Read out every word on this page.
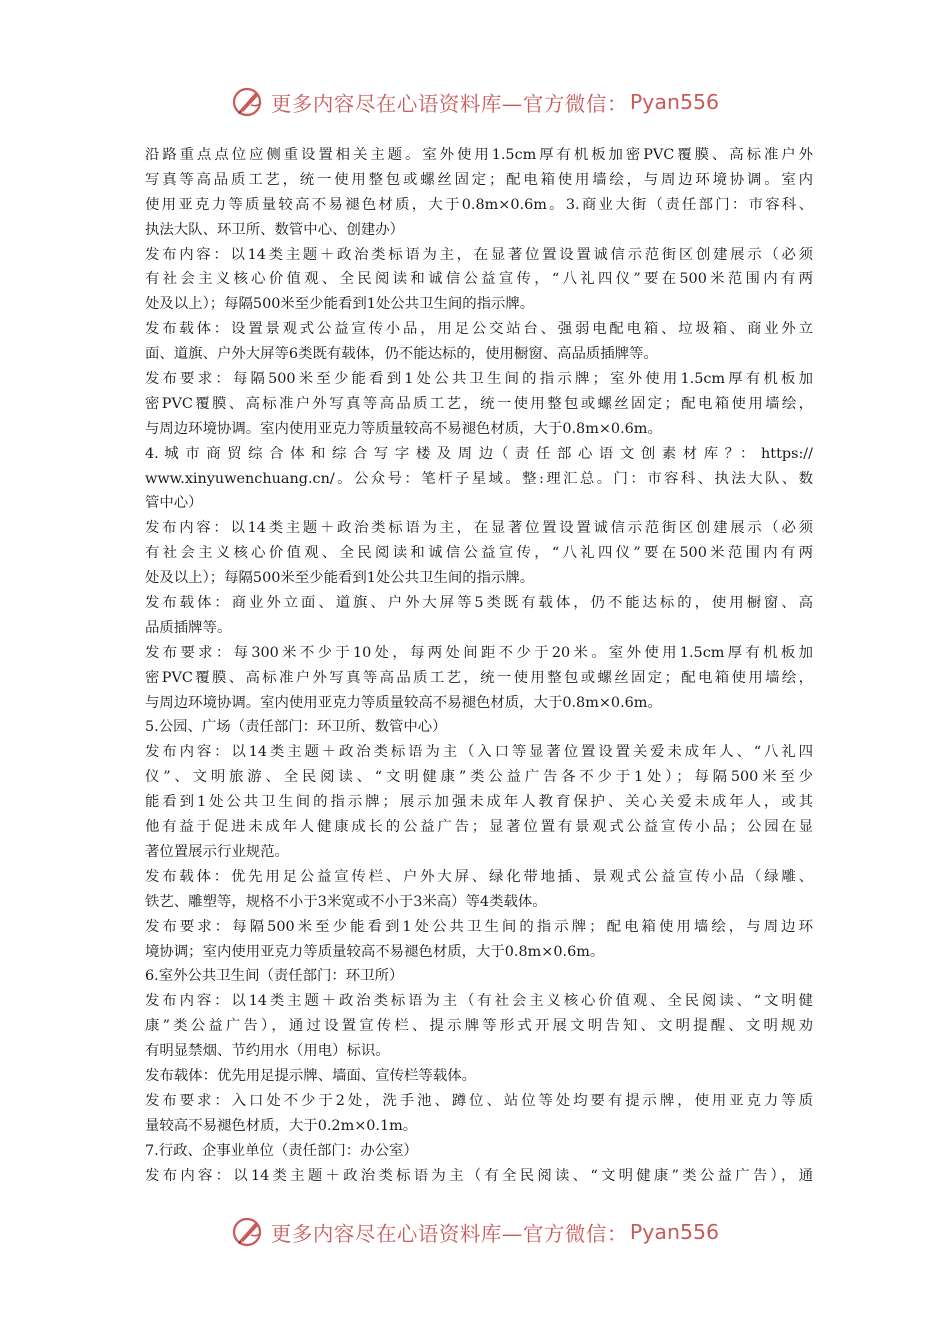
更多内容尽在心语资料库—官方微信： Pyan556
沿路重点点位应侧重设置相关主题。室外使用1.5cm厚有机板加密PVC覆膜、高标准户外
写真等高品质工艺，统一使用整包或螺丝固定；配电箱使用墙绘，与周边环境协调。室内
使用亚克力等质量较高不易褪色材质，大于0.8m×0.6m。3.商业大街（责任部门：市容科、
执法大队、环卫所、数管中心、创建办）
发布内容：以14类主题＋政治类标语为主，在显著位置设置诚信示范街区创建展示（必须
有社会主义核心价值观、全民阅读和诚信公益宣传，“八礼四仪”要在500米范围内有两
处及以上）；每隔500米至少能看到1处公共卫生间的指示牌。
发布载体：设置景观式公益宣传小品，用足公交站台、强弱电配电箱、垃圾箱、商业外立
面、道旗、户外大屏等6类既有载体，仍不能达标的，使用橱窗、高品质插牌等。
发布要求：每隔500米至少能看到1处公共卫生间的指示牌；室外使用1.5cm厚有机板加
密PVC覆膜、高标准户外写真等高品质工艺，统一使用整包或螺丝固定；配电箱使用墙绘，
与周边环境协调。室内使用亚克力等质量较高不易褪色材质，大于0.8m×0.6m。
4. 城 市 商 贸 综 合 体 和 综 合 写 字 楼 及 周 边（ 责 任 部 心 语 文 创 素 材 库 ？： https://
www.xinyuwenchuang.cn/。公众号：笔杆子星域。整:理汇总。门：市容科、执法大队、数
管中心）
发布内容：以14类主题＋政治类标语为主，在显著位置设置诚信示范街区创建展示（必须
有社会主义核心价值观、全民阅读和诚信公益宣传，“八礼四仪”要在500米范围内有两
处及以上）；每隔500米至少能看到1处公共卫生间的指示牌。
发布载体：商业外立面、道旗、户外大屏等5类既有载体，仍不能达标的，使用橱窗、高
品质插牌等。
发布要求：每300米不少于10处，每两处间距不少于20米。室外使用1.5cm厚有机板加
密PVC覆膜、高标准户外写真等高品质工艺，统一使用整包或螺丝固定；配电箱使用墙绘，
与周边环境协调。室内使用亚克力等质量较高不易褪色材质，大于0.8m×0.6m。
5.公园、广场（责任部门：环卫所、数管中心）
发布内容：以14类主题＋政治类标语为主（入口等显著位置设置关爱未成年人、“八礼四
仪”、文明旅游、全民阅读、“文明健康”类公益广告各不少于1处）；每隔500米至少
能看到1处公共卫生间的指示牌；展示加强未成年人教育保护、关心关爱未成年人，或其
他有益于促进未成年人健康成长的公益广告；显著位置有景观式公益宣传小品；公园在显
著位置展示行业规范。
发布载体：优先用足公益宣传栏、户外大屏、绿化带地插、景观式公益宣传小品（绿雕、
铁艺、雕塑等，规格不小于3米宽或不小于3米高）等4类载体。
发布要求：每隔500米至少能看到1处公共卫生间的指示牌；配电箱使用墙绘，与周边环
境协调；室内使用亚克力等质量较高不易褪色材质，大于0.8m×0.6m。
6.室外公共卫生间（责任部门：环卫所）
发布内容：以14类主题＋政治类标语为主（有社会主义核心价值观、全民阅读、“文明健
康”类公益广告），通过设置宣传栏、提示牌等形式开展文明告知、文明提醒、文明规劝
有明显禁烟、节约用水（用电）标识。
发布载体：优先用足提示牌、墙面、宣传栏等载体。
发布要求：入口处不少于2处，洗手池、蹲位、站位等处均要有提示牌，使用亚克力等质
量较高不易褪色材质，大于0.2m×0.1m。
7.行政、企事业单位（责任部门：办公室）
发布内容：以14类主题＋政治类标语为主（有全民阅读、“文明健康”类公益广告），通
更多内容尽在心语资料库—官方微信： Pyan556
